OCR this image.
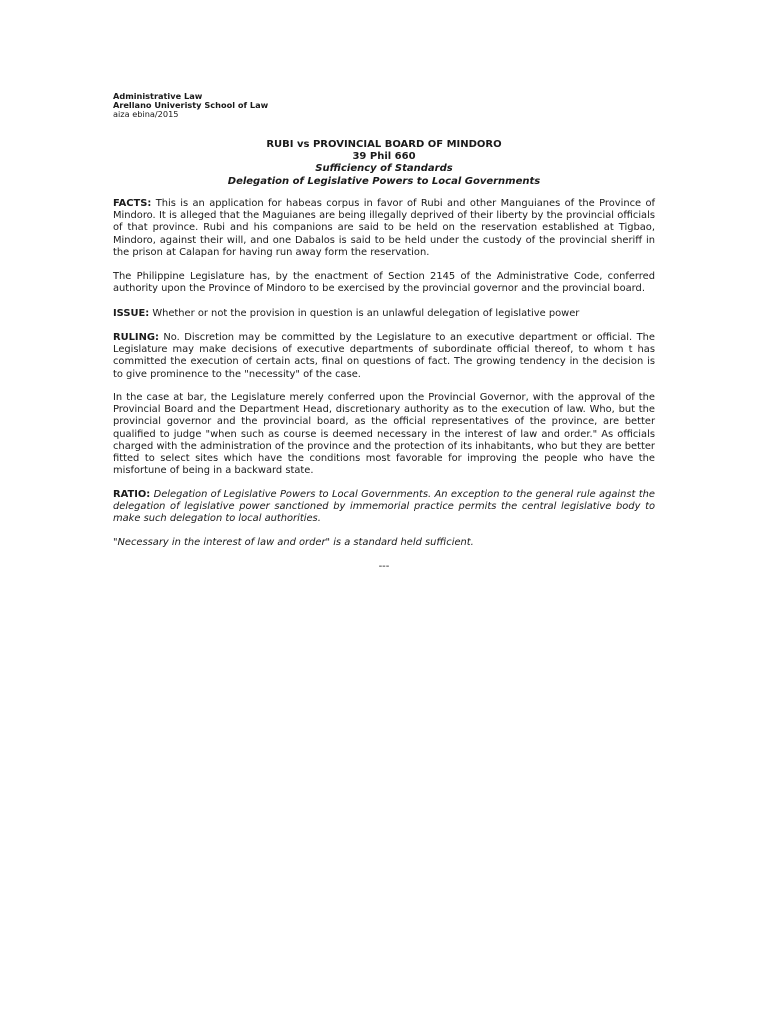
Administrative Law
Arellano Univeristy School of Law
aiza ebina/2015
RUBI vs PROVINCIAL BOARD OF MINDORO
39 Phil 660
Sufficiency of Standards
Delegation of Legislative Powers to Local Governments
FACTS: This is an application for habeas corpus in favor of Rubi and other Manguianes of the Province of Mindoro. It is alleged that the Maguianes are being illegally deprived of their liberty by the provincial officials of that province. Rubi and his companions are said to be held on the reservation established at Tigbao, Mindoro, against their will, and one Dabalos is said to be held under the custody of the provincial sheriff in the prison at Calapan for having run away form the reservation.
The Philippine Legislature has, by the enactment of Section 2145 of the Administrative Code, conferred authority upon the Province of Mindoro to be exercised by the provincial governor and the provincial board.
ISSUE: Whether or not the provision in question is an unlawful delegation of legislative power
RULING: No. Discretion may be committed by the Legislature to an executive department or official. The Legislature may make decisions of executive departments of subordinate official thereof, to whom t has committed the execution of certain acts, final on questions of fact. The growing tendency in the decision is to give prominence to the "necessity" of the case.
In the case at bar, the Legislature merely conferred upon the Provincial Governor, with the approval of the Provincial Board and the Department Head, discretionary authority as to the execution of law. Who, but the provincial governor and the provincial board, as the official representatives of the province, are better qualified to judge "when such as course is deemed necessary in the interest of law and order." As officials charged with the administration of the province and the protection of its inhabitants, who but they are better fitted to select sites which have the conditions most favorable for improving the people who have the misfortune of being in a backward state.
RATIO: Delegation of Legislative Powers to Local Governments. An exception to the general rule against the delegation of legislative power sanctioned by immemorial practice permits the central legislative body to make such delegation to local authorities.
"Necessary in the interest of law and order" is a standard held sufficient.
---
